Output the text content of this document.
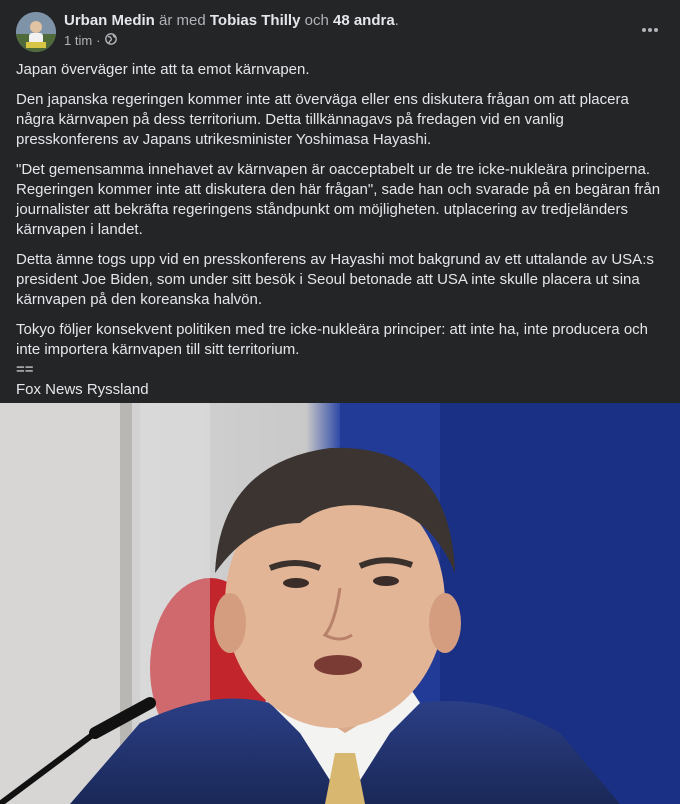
Urban Medin är med Tobias Thilly och 48 andra.
1 tim ·

Japan överväger inte att ta emot kärnvapen.

Den japanska regeringen kommer inte att överväga eller ens diskutera frågan om att placera några kärnvapen på dess territorium. Detta tillkännagavs på fredagen vid en vanlig presskonferens av Japans utrikesminister Yoshimasa Hayashi.

"Det gemensamma innehavet av kärnvapen är oacceptabelt ur de tre icke-nukleära principerna. Regeringen kommer inte att diskutera den här frågan", sade han och svarade på en begäran från journalister att bekräfta regeringens ståndpunkt om möjligheten. utplacering av tredjeländers kärnvapen i landet.

Detta ämne togs upp vid en presskonferens av Hayashi mot bakgrund av ett uttalande av USA:s president Joe Biden, som under sitt besök i Seoul betonade att USA inte skulle placera ut sina kärnvapen på den koreanska halvön.

Tokyo följer konsekvent politiken med tre icke-nukleära principer: att inte ha, inte producera och inte importera kärnvapen till sitt territorium.

==

Fox News Ryssland
